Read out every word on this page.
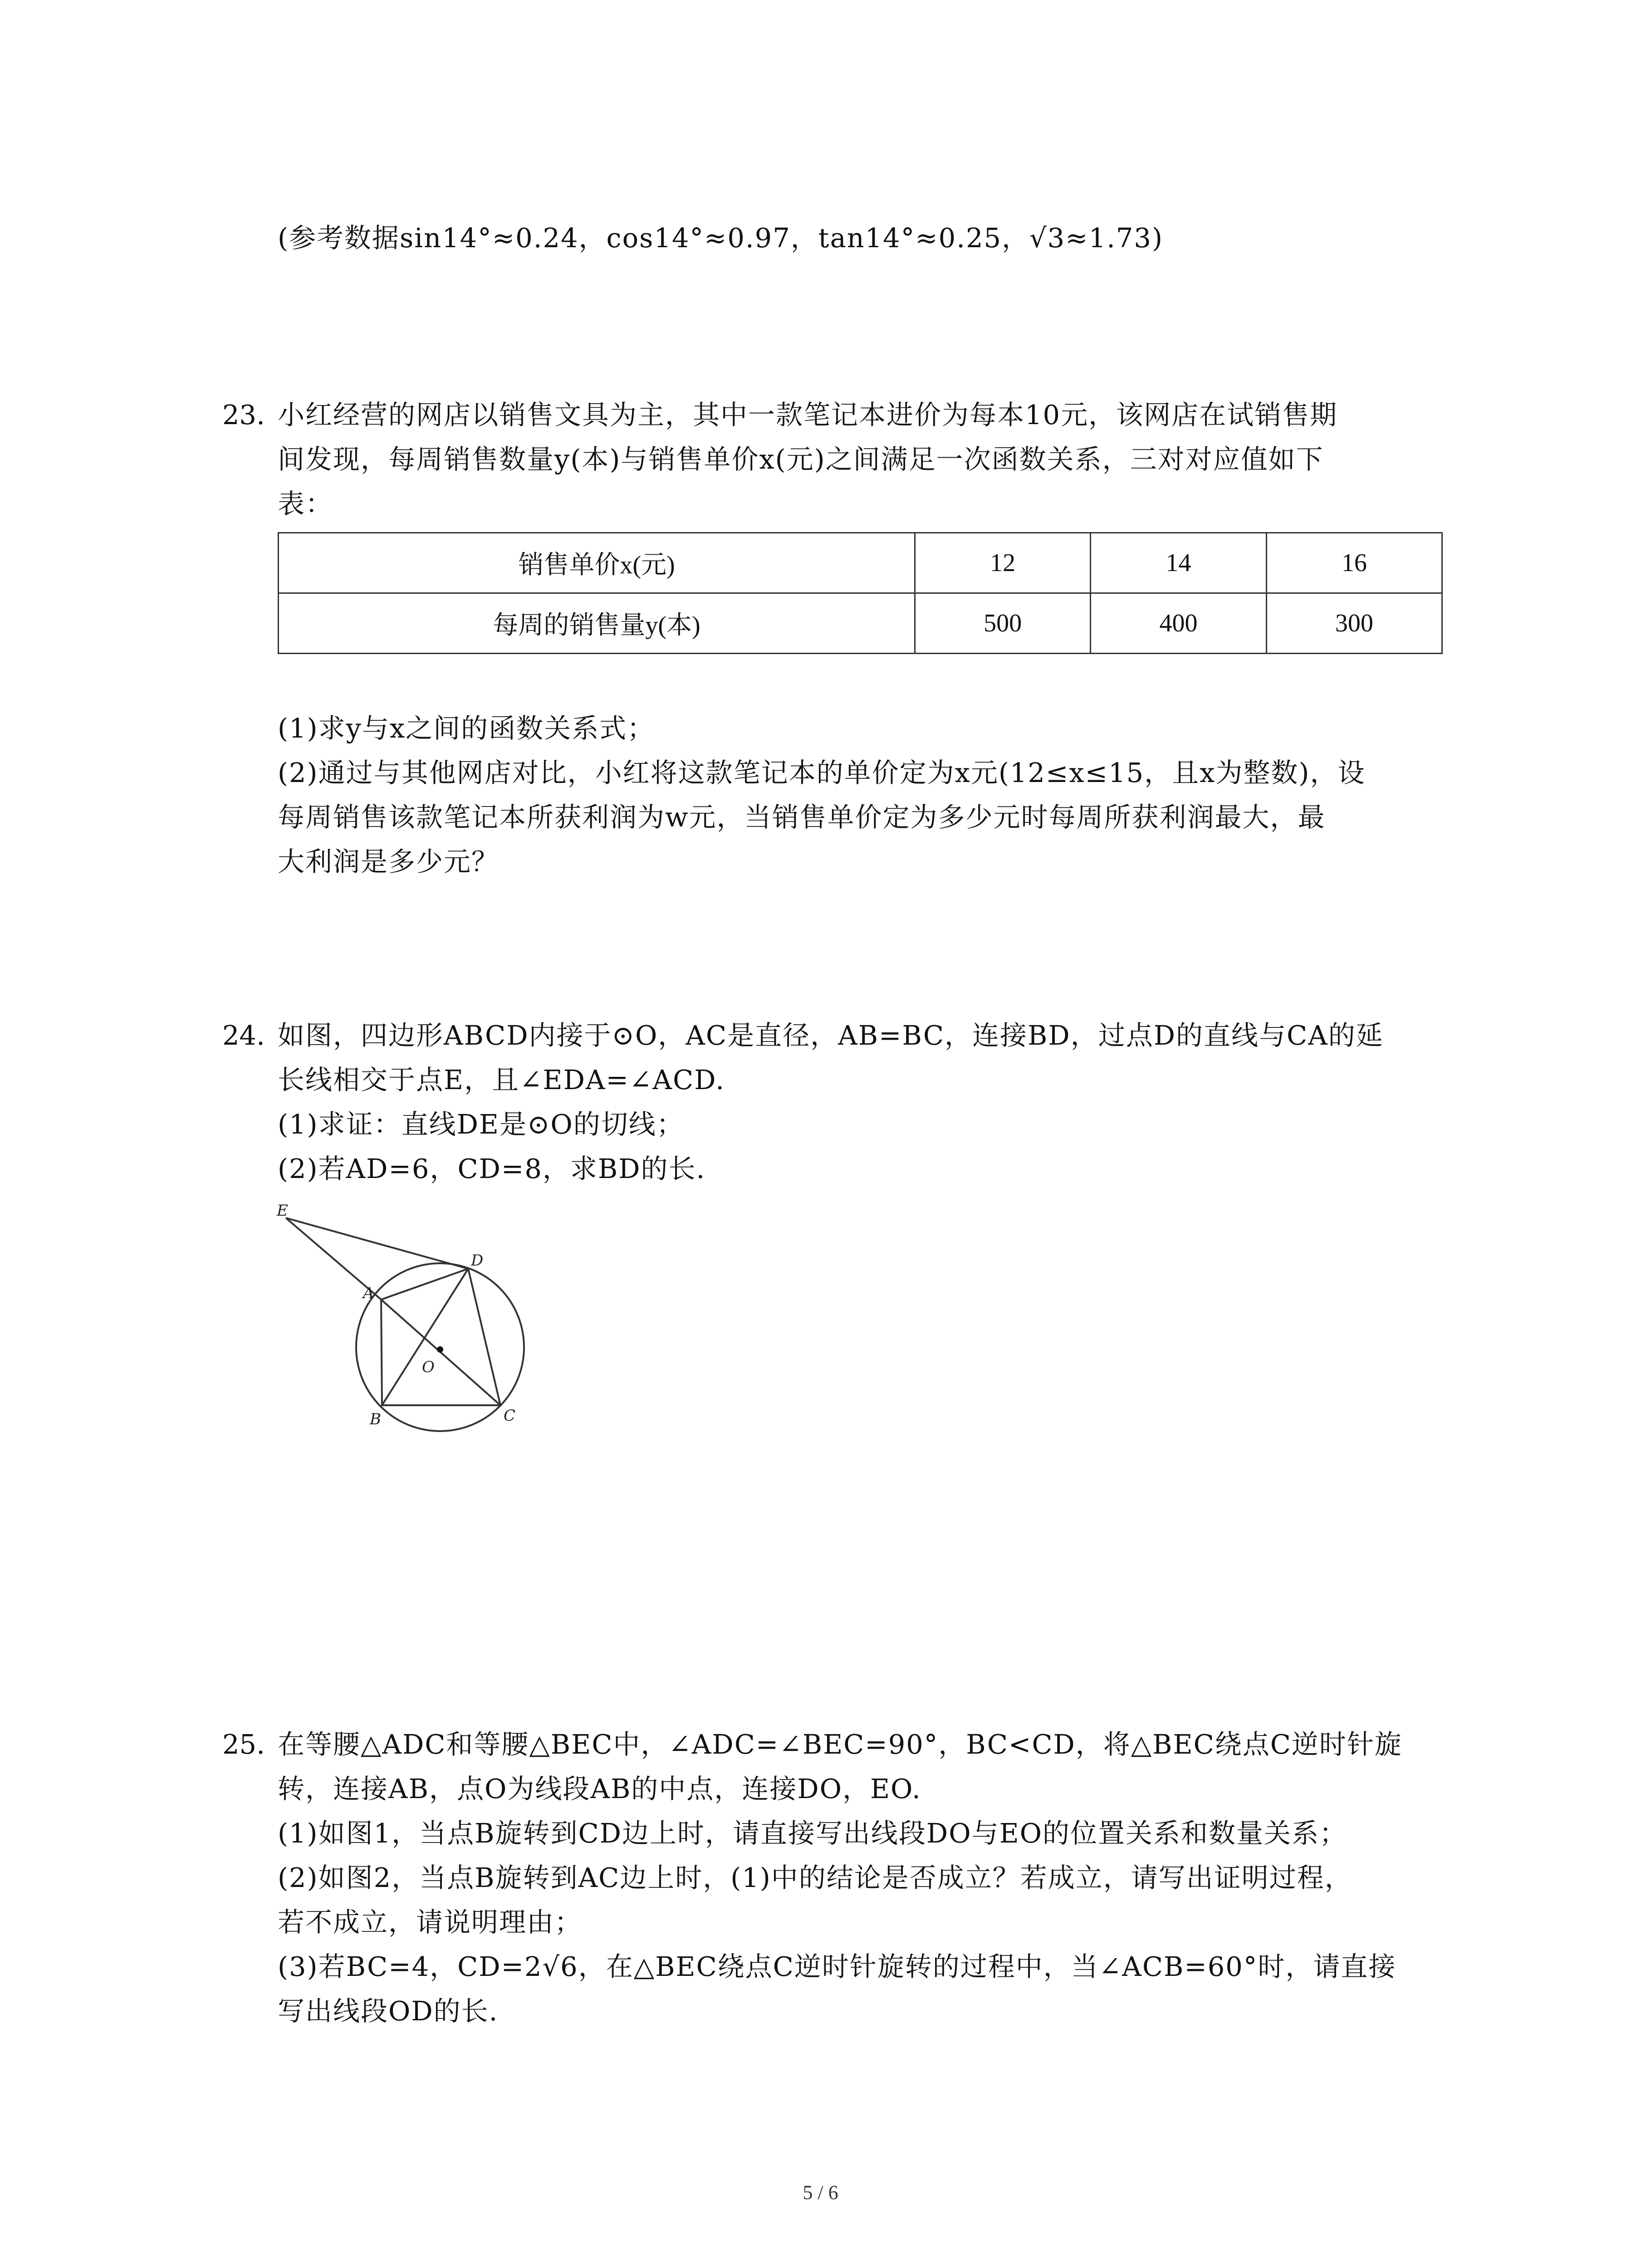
(参考数据sin14°≈0.24，cos14°≈0.97，tan14°≈0.25，√3≈1.73)
23. 小红经营的网店以销售文具为主，其中一款笔记本进价为每本10元，该网店在试销售期
间发现，每周销售数量y(本)与销售单价x(元)之间满足一次函数关系，三对对应值如下
表：
销售单价x(元)	12	14	16
每周的销售量y(本)	500	400	300
(1)求y与x之间的函数关系式；
(2)通过与其他网店对比，小红将这款笔记本的单价定为x元(12≤x≤15，且x为整数)，设
每周销售该款笔记本所获利润为w元，当销售单价定为多少元时每周所获利润最大，最
大利润是多少元？
24. 如图，四边形ABCD内接于⊙O，AC是直径，AB=BC，连接BD，过点D的直线与CA的延
长线相交于点E，且∠EDA=∠ACD.
(1)求证：直线DE是⊙O的切线；
(2)若AD=6，CD=8，求BD的长.
E
D
A
O
B	C
25. 在等腰△ADC和等腰△BEC中，∠ADC=∠BEC=90°，BC<CD，将△BEC绕点C逆时针旋
转，连接AB，点O为线段AB的中点，连接DO，EO.
(1)如图1，当点B旋转到CD边上时，请直接写出线段DO与EO的位置关系和数量关系；
(2)如图2，当点B旋转到AC边上时，(1)中的结论是否成立？若成立，请写出证明过程，
若不成立，请说明理由；
(3)若BC=4，CD=2√6，在△BEC绕点C逆时针旋转的过程中，当∠ACB=60°时，请直接
写出线段OD的长.
5 / 6
